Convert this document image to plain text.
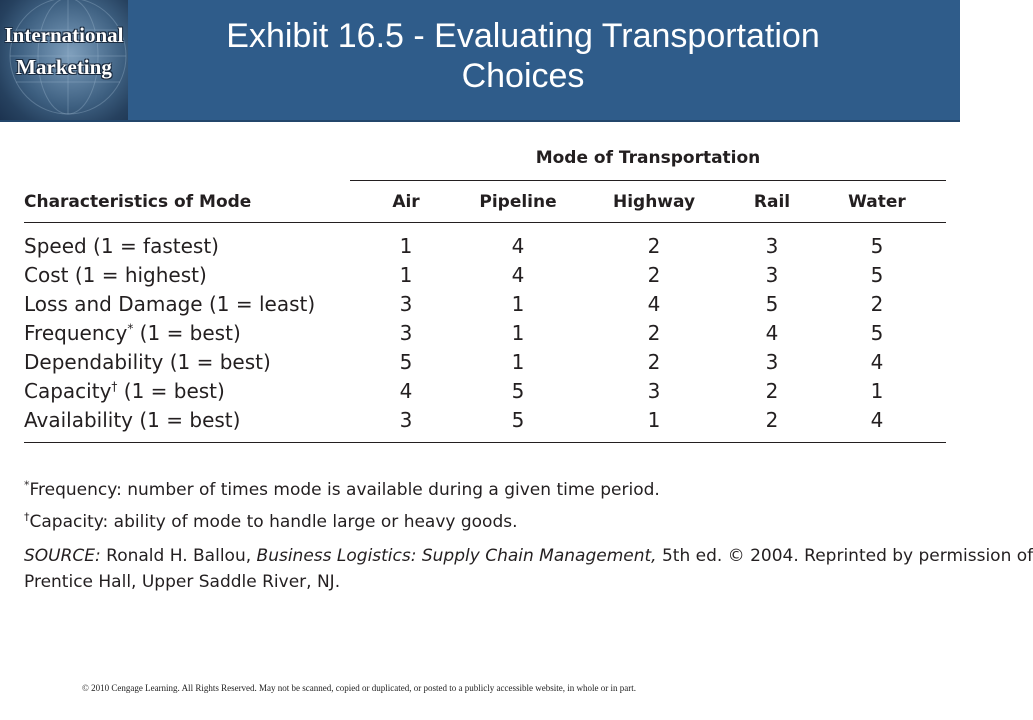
International
Marketing
Exhibit 16.5 - Evaluating Transportation
Choices
Mode of Transportation
Characteristics of Mode	Air	Pipeline	Highway	Rail	Water
Speed (1 = fastest)	1	4	2	3	5
Cost (1 = highest)	1	4	2	3	5
Loss and Damage (1 = least)	3	1	4	5	2
Frequency* (1 = best)	3	1	2	4	5
Dependability (1 = best)	5	1	2	3	4
Capacity† (1 = best)	4	5	3	2	1
Availability (1 = best)	3	5	1	2	4
*Frequency: number of times mode is available during a given time period.
†Capacity: ability of mode to handle large or heavy goods.
SOURCE: Ronald H. Ballou, Business Logistics: Supply Chain Management, 5th ed. © 2004. Reprinted by permission of
Prentice Hall, Upper Saddle River, NJ.
© 2010 Cengage Learning. All Rights Reserved. May not be scanned, copied or duplicated, or posted to a publicly accessible website, in whole or in part.
